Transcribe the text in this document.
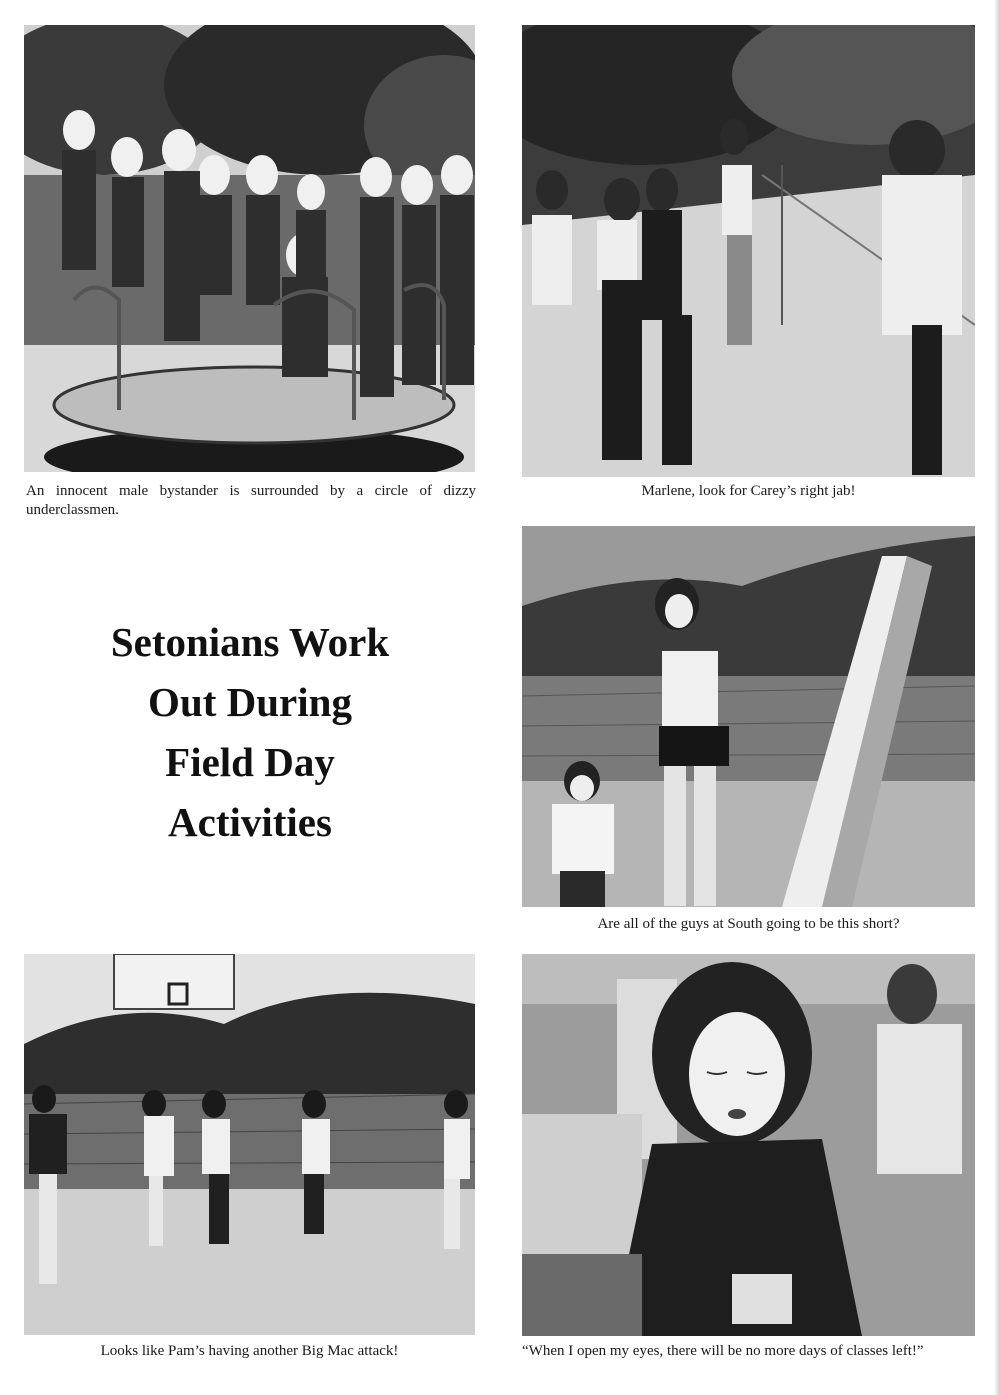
An innocent male bystander is surrounded by a circle of dizzy underclassmen.
Marlene, look for Carey’s right jab!
Setonians Work
Out During
Field Day
Activities
Are all of the guys at South going to be this short?
Looks like Pam’s having another Big Mac attack!	“When I open my eyes, there will be no more days of classes left!”
